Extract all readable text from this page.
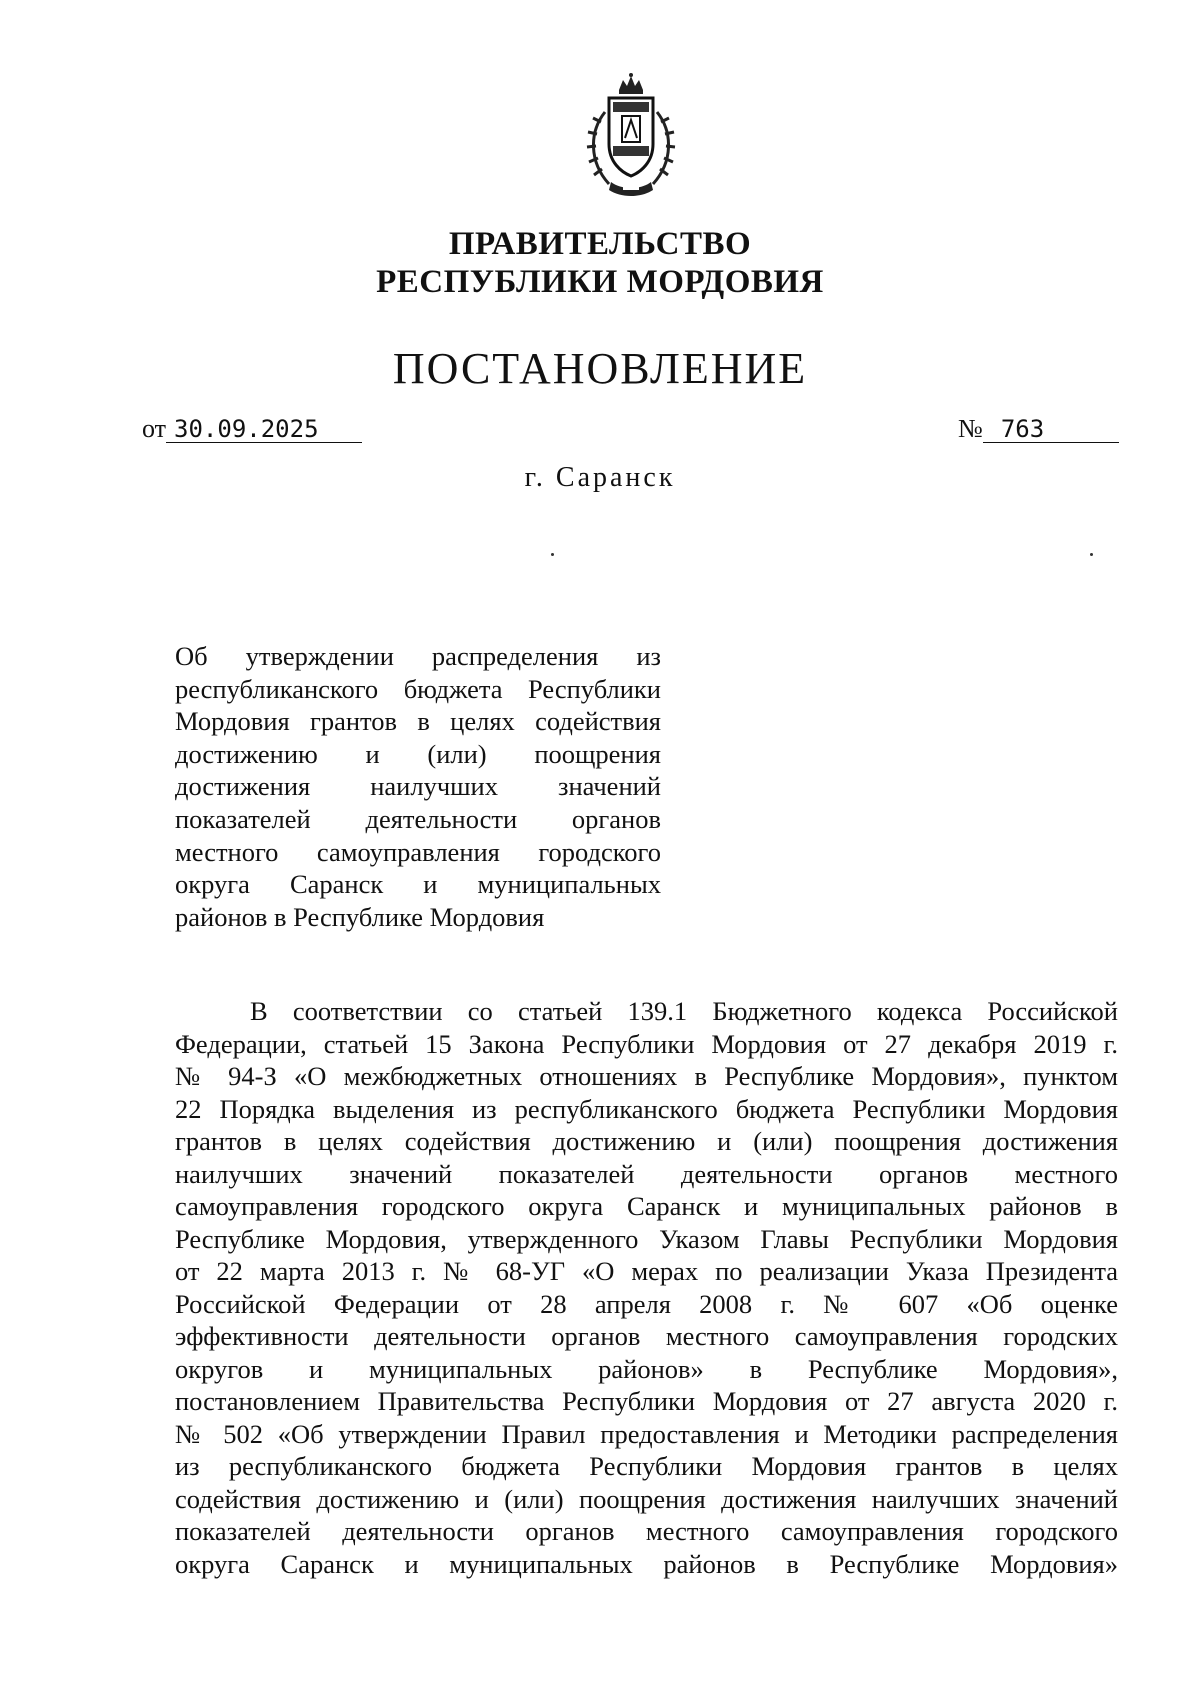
ПРАВИТЕЛЬСТВО
РЕСПУБЛИКИ МОРДОВИЯ
ПОСТАНОВЛЕНИЕ
от 30.09.2025	№ 763
г. Саранск
Об утверждении распределения из
республиканского бюджета Республики
Мордовия грантов в целях содействия
достижению и (или) поощрения
достижения наилучших значений
показателей деятельности органов
местного самоуправления городского
округа Саранск и муниципальных
районов в Республике Мордовия
В соответствии со статьей 139.1 Бюджетного кодекса Российской
Федерации, статьей 15 Закона Республики Мордовия от 27 декабря 2019 г.
№ 94-З «О межбюджетных отношениях в Республике Мордовия», пунктом
22 Порядка выделения из республиканского бюджета Республики Мордовия
грантов в целях содействия достижению и (или) поощрения достижения
наилучших значений показателей деятельности органов местного
самоуправления городского округа Саранск и муниципальных районов в
Республике Мордовия, утвержденного Указом Главы Республики Мордовия
от 22 марта 2013 г. № 68-УГ «О мерах по реализации Указа Президента
Российской Федерации от 28 апреля 2008 г. № 607 «Об оценке
эффективности деятельности органов местного самоуправления городских
округов и муниципальных районов» в Республике Мордовия»,
постановлением Правительства Республики Мордовия от 27 августа 2020 г.
№ 502 «Об утверждении Правил предоставления и Методики распределения
из республиканского бюджета Республики Мордовия грантов в целях
содействия достижению и (или) поощрения достижения наилучших значений
показателей деятельности органов местного самоуправления городского
округа Саранск и муниципальных районов в Республике Мордовия»
